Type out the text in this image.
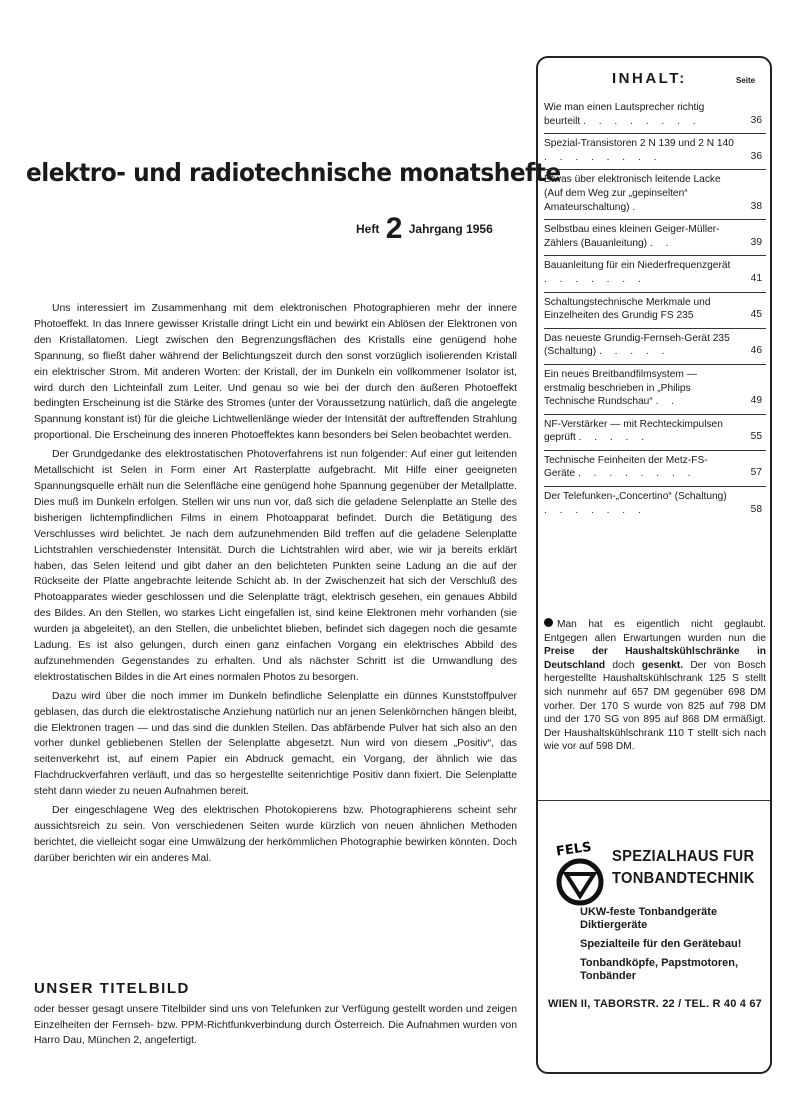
elektro- und radiotechnische monatshefte
Heft 2 Jahrgang 1956

Uns interessiert im Zusammenhang mit dem elektronischen Photographieren mehr der innere Photoeffekt. In das Innere gewisser Kristalle dringt Licht ein und bewirkt ein Ablösen der Elektronen von den Kristallatomen. Liegt zwischen den Begrenzungsflächen des Kristalls eine genügend hohe Spannung, so fließt daher während der Belichtungszeit durch den sonst vorzüglich isolierenden Kristall ein elektrischer Strom. Mit anderen Worten: der Kristall, der im Dunkeln ein vollkommener Isolator ist, wird durch den Lichteinfall zum Leiter. Und genau so wie bei der durch den äußeren Photoeffekt bedingten Erscheinung ist die Stärke des Stromes (unter der Voraussetzung natürlich, daß die angelegte Spannung konstant ist) für die gleiche Lichtwellenlänge wieder der Intensität der auftreffenden Strahlung proportional. Die Erscheinung des inneren Photoeffektes kann besonders bei Selen beobachtet werden.

Der Grundgedanke des elektrostatischen Photoverfahrens ist nun folgender: Auf einer gut leitenden Metallschicht ist Selen in Form einer Art Rasterplatte aufgebracht. Mit Hilfe einer geeigneten Spannungsquelle erhält nun die Selenfläche eine genügend hohe Spannung gegenüber der Metallplatte. Dies muß im Dunkeln erfolgen. Stellen wir uns nun vor, daß sich die geladene Selenplatte an Stelle des bisherigen lichtempfindlichen Films in einem Photoapparat befindet. Durch die Betätigung des Verschlusses wird belichtet. Je nach dem aufzunehmenden Bild treffen auf die geladene Selenplatte Lichtstrahlen verschiedenster Intensität. Durch die Lichtstrahlen wird aber, wie wir ja bereits erklärt haben, das Selen leitend und gibt daher an den belichteten Punkten seine Ladung an die auf der Rückseite der Platte angebrachte leitende Schicht ab. In der Zwischenzeit hat sich der Verschluß des Photoapparates wieder geschlossen und die Selenplatte trägt, elektrisch gesehen, ein genaues Abbild des Bildes. An den Stellen, wo starkes Licht eingefallen ist, sind keine Elektronen mehr vorhanden (sie wurden ja abgeleitet), an den Stellen, die unbelichtet blieben, befindet sich dagegen noch die gesamte Ladung. Es ist also gelungen, durch einen ganz einfachen Vorgang ein elektrisches Abbild des aufzunehmenden Gegenstandes zu erhalten. Und als nächster Schritt ist die Umwandlung des elektrostatischen Bildes in die Art eines normalen Photos zu besorgen.

Dazu wird über die noch immer im Dunkeln befindliche Selenplatte ein dünnes Kunststoffpulver geblasen, das durch die elektrostatische Anziehung natürlich nur an jenen Selenkörnchen hängen bleibt, die Elektronen tragen — und das sind die dunklen Stellen. Das abfärbende Pulver hat sich also an den vorher dunkel gebliebenen Stellen der Selenplatte abgesetzt. Nun wird von diesem „Positiv“, das seitenverkehrt ist, auf einem Papier ein Abdruck gemacht, ein Vorgang, der ähnlich wie das Flachdruckverfahren verläuft, und das so hergestellte seitenrichtige Positiv dann fixiert. Die Selenplatte steht dann wieder zu neuen Aufnahmen bereit.

Der eingeschlagene Weg des elektrischen Photokopierens bzw. Photographierens scheint sehr aussichtsreich zu sein. Von verschiedenen Seiten wurde kürzlich von neuen ähnlichen Methoden berichtet, die vielleicht sogar eine Umwälzung der herkömmlichen Photographie bewirken könnten. Doch darüber berichten wir ein anderes Mal.

UNSER TITELBILD
oder besser gesagt unsere Titelbilder sind uns von Telefunken zur Verfügung gestellt worden und zeigen Einzelheiten der Fernseh- bzw. PPM-Richtfunkverbindung durch Österreich. Die Aufnahmen wurden von Harro Dau, München 2, angefertigt.
INHALT:	Seite
Wie man einen Lautsprecher richtig beurteilt . . . . . . . .	36
Spezial-Transistoren 2 N 139 und 2 N 140 . . . . . . . .	36
Etwas über elektronisch leitende Lacke (Auf dem Weg zur „gepinselten“ Amateurschaltung) .	38
Selbstbau eines kleinen Geiger-Müller-Zählers (Bauanleitung) . .	39
Bauanleitung für ein Niederfrequenzgerät . . . . . . .	41
Schaltungstechnische Merkmale und Einzelheiten des Grundig FS 235	45
Das neueste Grundig-Fernseh-Gerät 235 (Schaltung) . . . . .	46
Ein neues Breitbandfilmsystem — erstmalig beschrieben in „Philips Technische Rundschau“ . .	49
NF-Verstärker — mit Rechteckimpulsen geprüft . . . . .	55
Technische Feinheiten der Metz-FS-Geräte . . . . . . . .	57
Der Telefunken-„Concertino“ (Schaltung) . . . . . . .	58
Man hat es eigentlich nicht geglaubt. Entgegen allen Erwartungen wurden nun die Preise der Haushaltskühlschränke in Deutschland doch gesenkt. Der von Bosch hergestellte Haushaltskühlschrank 125 S stellt sich nunmehr auf 657 DM gegenüber 698 DM vorher. Der 170 S wurde von 825 auf 798 DM und der 170 SG von 895 auf 868 DM ermäßigt. Der Haushaltskühlschrank 110 T stellt sich nach wie vor auf 598 DM.
FELS SPEZIALHAUS FUR
TONBANDTECHNIK
UKW-feste Tonbandgeräte Diktiergeräte
Spezialteile für den Gerätebau!
Tonbandköpfe, Papstmotoren, Tonbänder
WIEN II, TABORSTR. 22 / TEL. R 40 4 67
